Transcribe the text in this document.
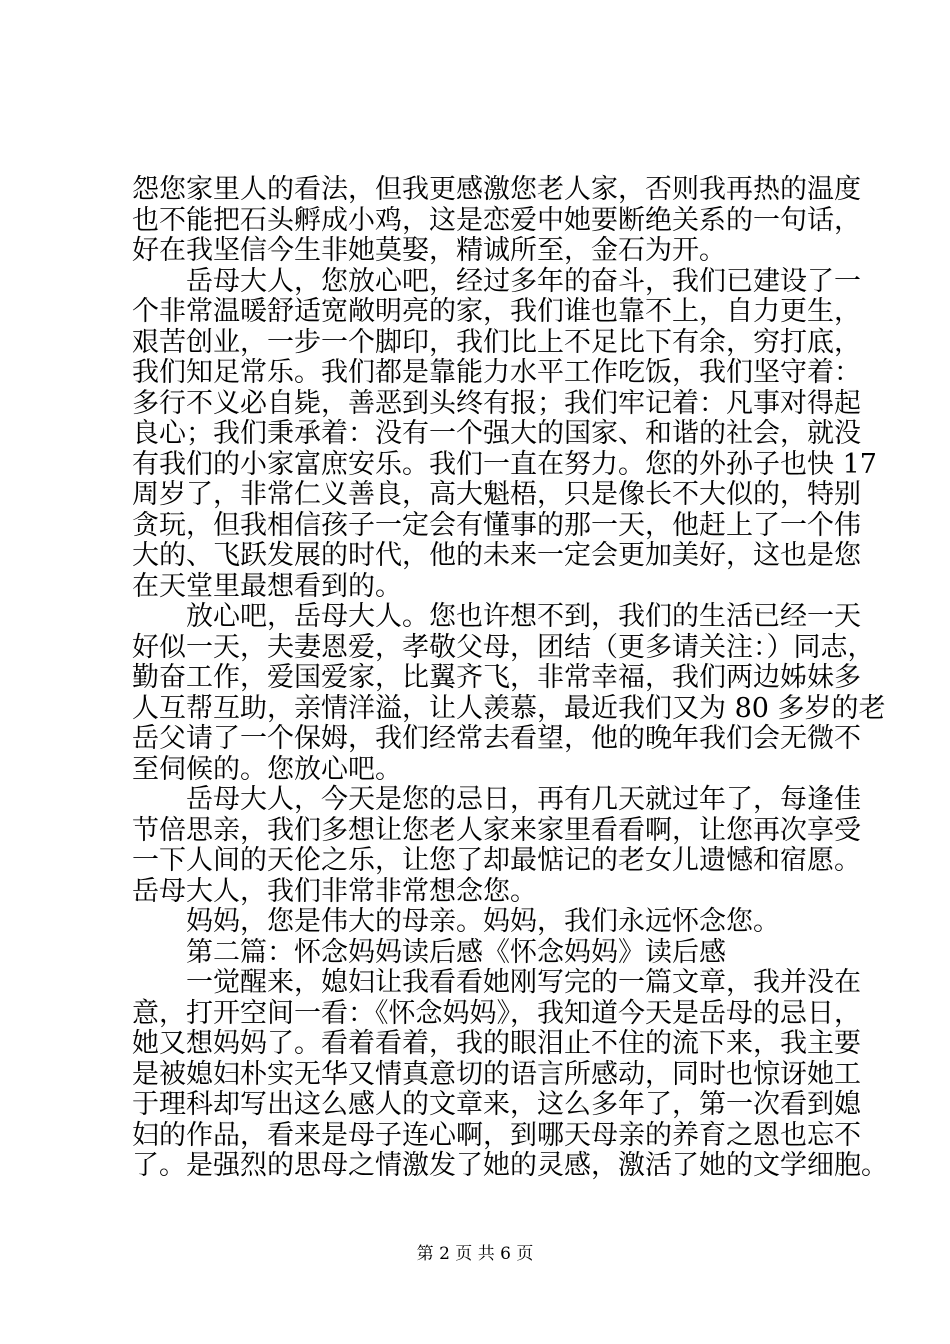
怨您家里人的看法，但我更感激您老人家，否则我再热的温度
也不能把石头孵成小鸡，这是恋爱中她要断绝关系的一句话，
好在我坚信今生非她莫娶，精诚所至，金石为开。
岳母大人，您放心吧，经过多年的奋斗，我们已建设了一
个非常温暖舒适宽敞明亮的家，我们谁也靠不上，自力更生，
艰苦创业，一步一个脚印，我们比上不足比下有余，穷打底，
我们知足常乐。我们都是靠能力水平工作吃饭，我们坚守着：
多行不义必自毙，善恶到头终有报；我们牢记着：凡事对得起
良心；我们秉承着：没有一个强大的国家、和谐的社会，就没
有我们的小家富庶安乐。我们一直在努力。您的外孙子也快 17
周岁了，非常仁义善良，高大魁梧，只是像长不大似的，特别
贪玩，但我相信孩子一定会有懂事的那一天，他赶上了一个伟
大的、飞跃发展的时代，他的未来一定会更加美好，这也是您
在天堂里最想看到的。
放心吧，岳母大人。您也许想不到，我们的生活已经一天
好似一天，夫妻恩爱，孝敬父母，团结（更多请关注：）同志，
勤奋工作，爱国爱家，比翼齐飞，非常幸福，我们两边姊妹多
人互帮互助，亲情洋溢，让人羡慕，最近我们又为 80 多岁的老
岳父请了一个保姆，我们经常去看望，他的晚年我们会无微不
至伺候的。您放心吧。
岳母大人，今天是您的忌日，再有几天就过年了，每逢佳
节倍思亲，我们多想让您老人家来家里看看啊，让您再次享受
一下人间的天伦之乐，让您了却最惦记的老女儿遗憾和宿愿。
岳母大人，我们非常非常想念您。
妈妈，您是伟大的母亲。妈妈，我们永远怀念您。
第二篇：怀念妈妈读后感《怀念妈妈》读后感
一觉醒来，媳妇让我看看她刚写完的一篇文章，我并没在
意，打开空间一看：《怀念妈妈》，我知道今天是岳母的忌日，
她又想妈妈了。看着看着，我的眼泪止不住的流下来，我主要
是被媳妇朴实无华又情真意切的语言所感动，同时也惊讶她工
于理科却写出这么感人的文章来，这么多年了，第一次看到媳
妇的作品，看来是母子连心啊，到哪天母亲的养育之恩也忘不
了。是强烈的思母之情激发了她的灵感，激活了她的文学细胞。
第 2 页 共 6 页
